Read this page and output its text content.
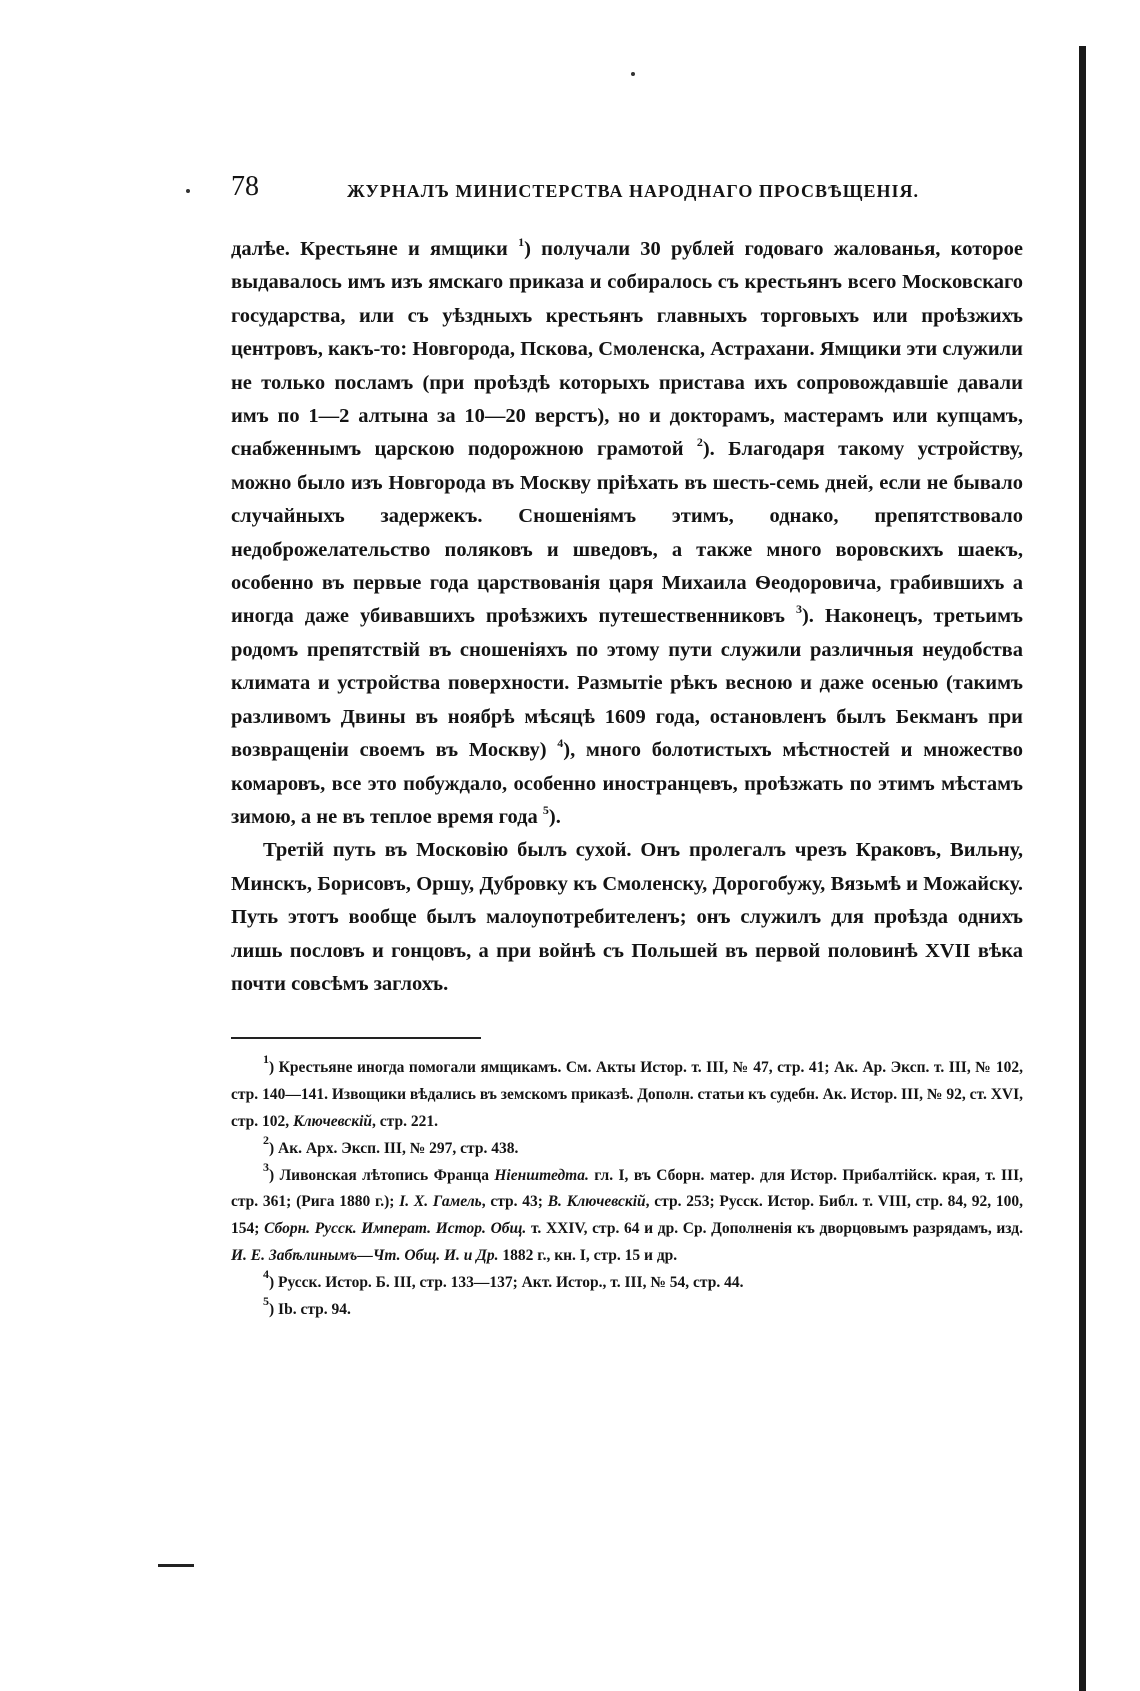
78	ЖУРНАЛЪ МИНИСТЕРСТВА НАРОДНАГО ПРОСВѢЩЕНІЯ.

далѣе. Крестьяне и ямщики $^1$) получали 30 рублей годоваго жалованья, которое выдавалось имъ изъ ямскаго приказа и собиралось съ крестьянъ всего Московскаго государства, или съ уѣздныхъ крестьянъ главныхъ торговыхъ или проѣзжихъ центровъ, какъ-то: Новгорода, Пскова, Смоленска, Астрахани. Ямщики эти служили не только посламъ (при проѣздѣ которыхъ пристава ихъ сопровождавшіе давали имъ по 1—2 алтына за 10—20 верстъ), но и докторамъ, мастерамъ или купцамъ, снабженнымъ царскою подорожною грамотой $^2$). Благодаря такому устройству, можно было изъ Новгорода въ Москву пріѣхать въ шесть-семь дней, если не бывало случайныхъ задержекъ. Сношеніямъ этимъ, однако, препятствовало недоброжелательство поляковъ и шведовъ, а также много воровскихъ шаекъ, особенно въ первые года царствованія царя Михаила Ѳеодоровича, грабившихъ а иногда даже убивавшихъ проѣзжихъ путешественниковъ $^3$). Наконецъ, третьимъ родомъ препятствій въ сношеніяхъ по этому пути служили различныя неудобства климата и устройства поверхности. Размытіе рѣкъ весною и даже осенью (такимъ разливомъ Двины въ ноябрѣ мѣсяцѣ 1609 года, остановленъ былъ Бекманъ при возвращеніи своемъ въ Москву) $^4$), много болотистыхъ мѣстностей и множество комаровъ, все это побуждало, особенно иностранцевъ, проѣзжать по этимъ мѣстамъ зимою, а не въ теплое время года $^5$).

Третій путь въ Московію былъ сухой. Онъ пролегалъ чрезъ Краковъ, Вильну, Минскъ, Борисовъ, Оршу, Дубровку къ Смоленску, Дорогобужу, Вязьмѣ и Можайску. Путь этотъ вообще былъ малоупотребителенъ; онъ служилъ для проѣзда однихъ лишь пословъ и гонцовъ, а при войнѣ съ Польшей въ первой половинѣ XVII вѣка почти совсѣмъ заглохъ.

$^1$) Крестьяне иногда помогали ямщикамъ. См. Акты Истор. т. III, № 47, стр. 41; Ак. Ар. Эксп. т. III, № 102, стр. 140—141. Извощики вѣдались въ земскомъ приказѣ. Дополн. статьи къ судебн. Ак. Истор. III, № 92, ст. XVI, стр. 102, Ключевскій, стр. 221.

$^2$) Ак. Арх. Эксп. III, № 297, стр. 438.

$^3$) Ливонская лѣтопись Франца Ніенштедта. гл. I, въ Сборн. матер. для Истор. Прибалтійск. края, т. III, стр. 361; (Рига 1880 г.); I. X. Гамель, стр. 43; В. Ключевскій, стр. 253; Русск. Истор. Библ. т. VIII, стр. 84, 92, 100, 154; Сборн. Русск. Императ. Истор. Общ. т. XXIV, стр. 64 и др. Ср. Дополненія къ дворцовымъ разрядамъ, изд. И. Е. Забѣлинымъ—Чт. Общ. И. и Др. 1882 г., кн. I, стр. 15 и др.

$^4$) Русск. Истор. Б. III, стр. 133—137; Акт. Истор., т. III, № 54, стр. 44.

$^5$) Ib. стр. 94.
